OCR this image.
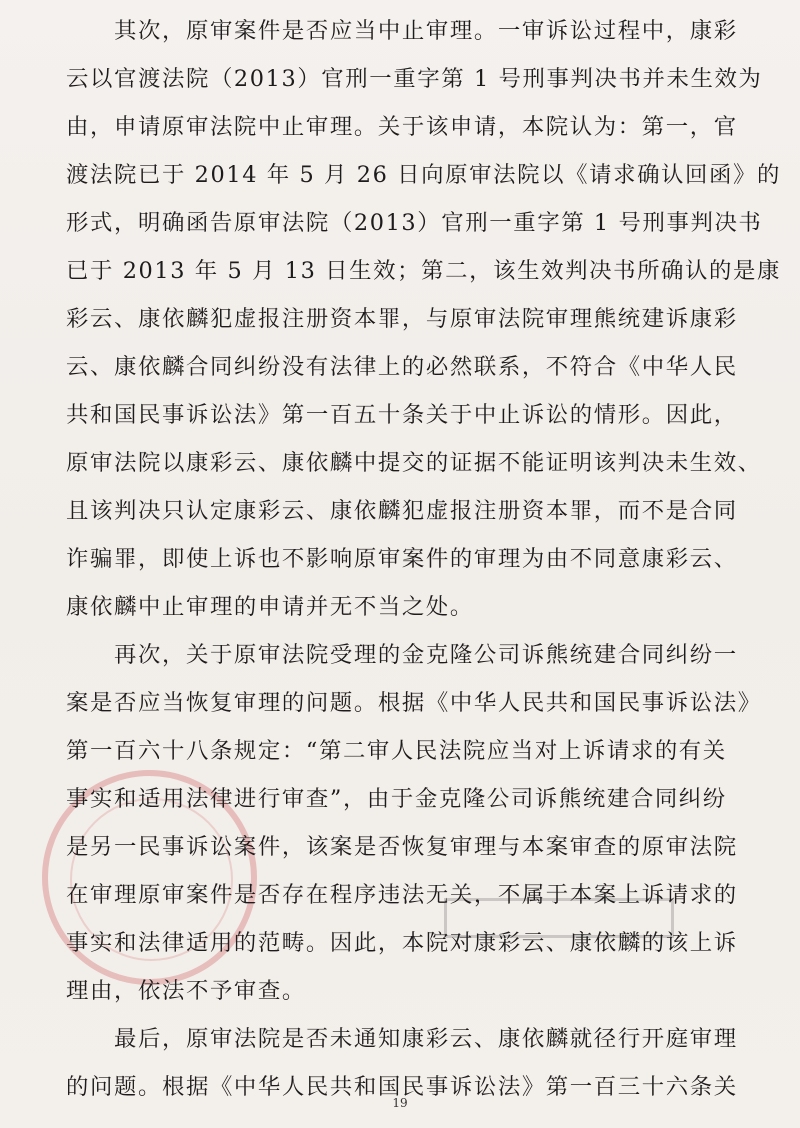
　　其次，原审案件是否应当中止审理。一审诉讼过程中，康彩
云以官渡法院（2013）官刑一重字第 1 号刑事判决书并未生效为
由，申请原审法院中止审理。关于该申请，本院认为：第一，官
渡法院已于 2014 年 5 月 26 日向原审法院以《请求确认回函》的
形式，明确函告原审法院（2013）官刑一重字第 1 号刑事判决书
已于 2013 年 5 月 13 日生效；第二，该生效判决书所确认的是康
彩云、康依麟犯虚报注册资本罪，与原审法院审理熊统建诉康彩
云、康依麟合同纠纷没有法律上的必然联系，不符合《中华人民
共和国民事诉讼法》第一百五十条关于中止诉讼的情形。因此，
原审法院以康彩云、康依麟中提交的证据不能证明该判决未生效、
且该判决只认定康彩云、康依麟犯虚报注册资本罪，而不是合同
诈骗罪，即使上诉也不影响原审案件的审理为由不同意康彩云、
康依麟中止审理的申请并无不当之处。
　　再次，关于原审法院受理的金克隆公司诉熊统建合同纠纷一
案是否应当恢复审理的问题。根据《中华人民共和国民事诉讼法》
第一百六十八条规定：“第二审人民法院应当对上诉请求的有关
事实和适用法律进行审查”，由于金克隆公司诉熊统建合同纠纷
是另一民事诉讼案件，该案是否恢复审理与本案审查的原审法院
在审理原审案件是否存在程序违法无关，不属于本案上诉请求的
事实和法律适用的范畴。因此，本院对康彩云、康依麟的该上诉
理由，依法不予审查。
　　最后，原审法院是否未通知康彩云、康依麟就径行开庭审理
的问题。根据《中华人民共和国民事诉讼法》第一百三十六条关
19
